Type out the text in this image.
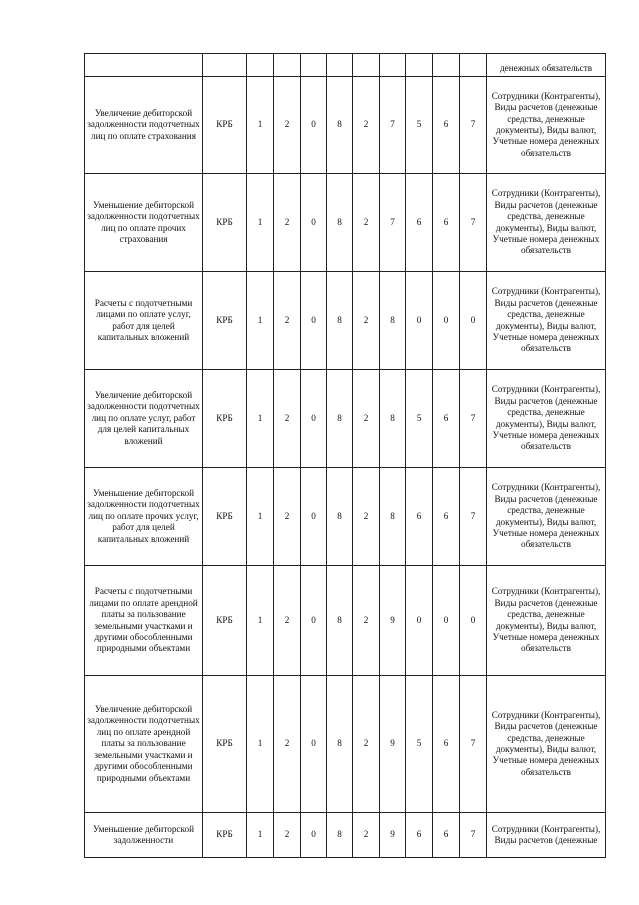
											денежных обязательств
Увеличение дебиторской задолженности подотчетных лиц по оплате страхования	КРБ	1	2	0	8	2	7	5	6	7	Сотрудники (Контрагенты), Виды расчетов (денежные средства, денежные документы), Виды валют, Учетные номера денежных обязательств
Уменьшение дебиторской задолженности подотчетных лиц по оплате прочих страхования	КРБ	1	2	0	8	2	7	6	6	7	Сотрудники (Контрагенты), Виды расчетов (денежные средства, денежные документы), Виды валют, Учетные номера денежных обязательств
Расчеты с подотчетными лицами по оплате услуг, работ для целей капитальных вложений	КРБ	1	2	0	8	2	8	0	0	0	Сотрудники (Контрагенты), Виды расчетов (денежные средства, денежные документы), Виды валют, Учетные номера денежных обязательств
Увеличение дебиторской задолженности подотчетных лиц по оплате услуг, работ для целей капитальных вложений	КРБ	1	2	0	8	2	8	5	6	7	Сотрудники (Контрагенты), Виды расчетов (денежные средства, денежные документы), Виды валют, Учетные номера денежных обязательств
Уменьшение дебиторской задолженности подотчетных лиц по оплате прочих услуг, работ для целей капитальных вложений	КРБ	1	2	0	8	2	8	6	6	7	Сотрудники (Контрагенты), Виды расчетов (денежные средства, денежные документы), Виды валют, Учетные номера денежных обязательств
Расчеты с подотчетными лицами по оплате арендной платы за пользование земельными участками и другими обособленными природными объектами	КРБ	1	2	0	8	2	9	0	0	0	Сотрудники (Контрагенты), Виды расчетов (денежные средства, денежные документы), Виды валют, Учетные номера денежных обязательств
Увеличение дебиторской задолженности подотчетных лиц по оплате арендной платы за пользование земельными участками и другими обособленными природными объектами	КРБ	1	2	0	8	2	9	5	6	7	Сотрудники (Контрагенты), Виды расчетов (денежные средства, денежные документы), Виды валют, Учетные номера денежных обязательств
Уменьшение дебиторской задолженности	КРБ	1	2	0	8	2	9	6	6	7	Сотрудники (Контрагенты), Виды расчетов (денежные
